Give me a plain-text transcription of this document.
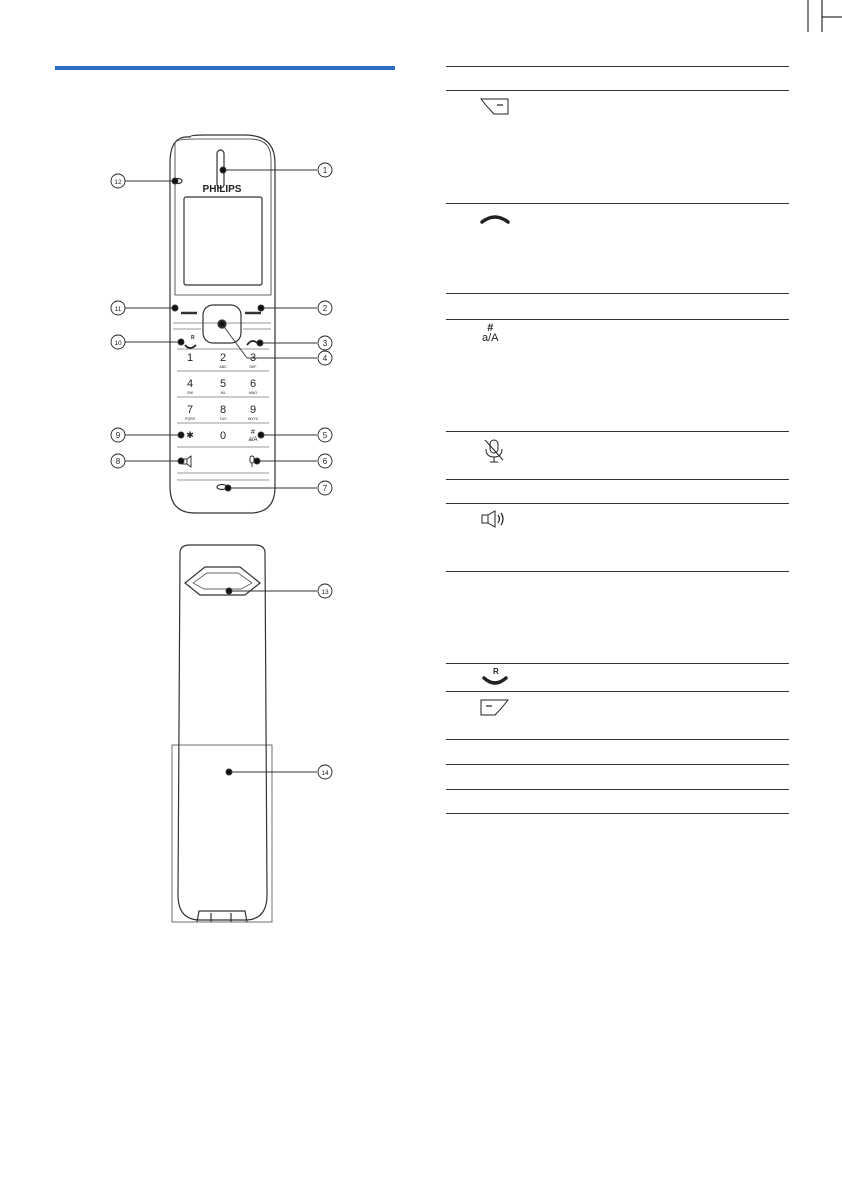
PHILIPS
1 2
ABC
3
DEF
4
GHI
5
JKL
6
MNO
7
PQRS
8
TUV
9
WXYZ
0
✱	#
a/A
R
1
2
3
4
5
6
7
8
9
10
11
12
13
14
#
a/A
R
